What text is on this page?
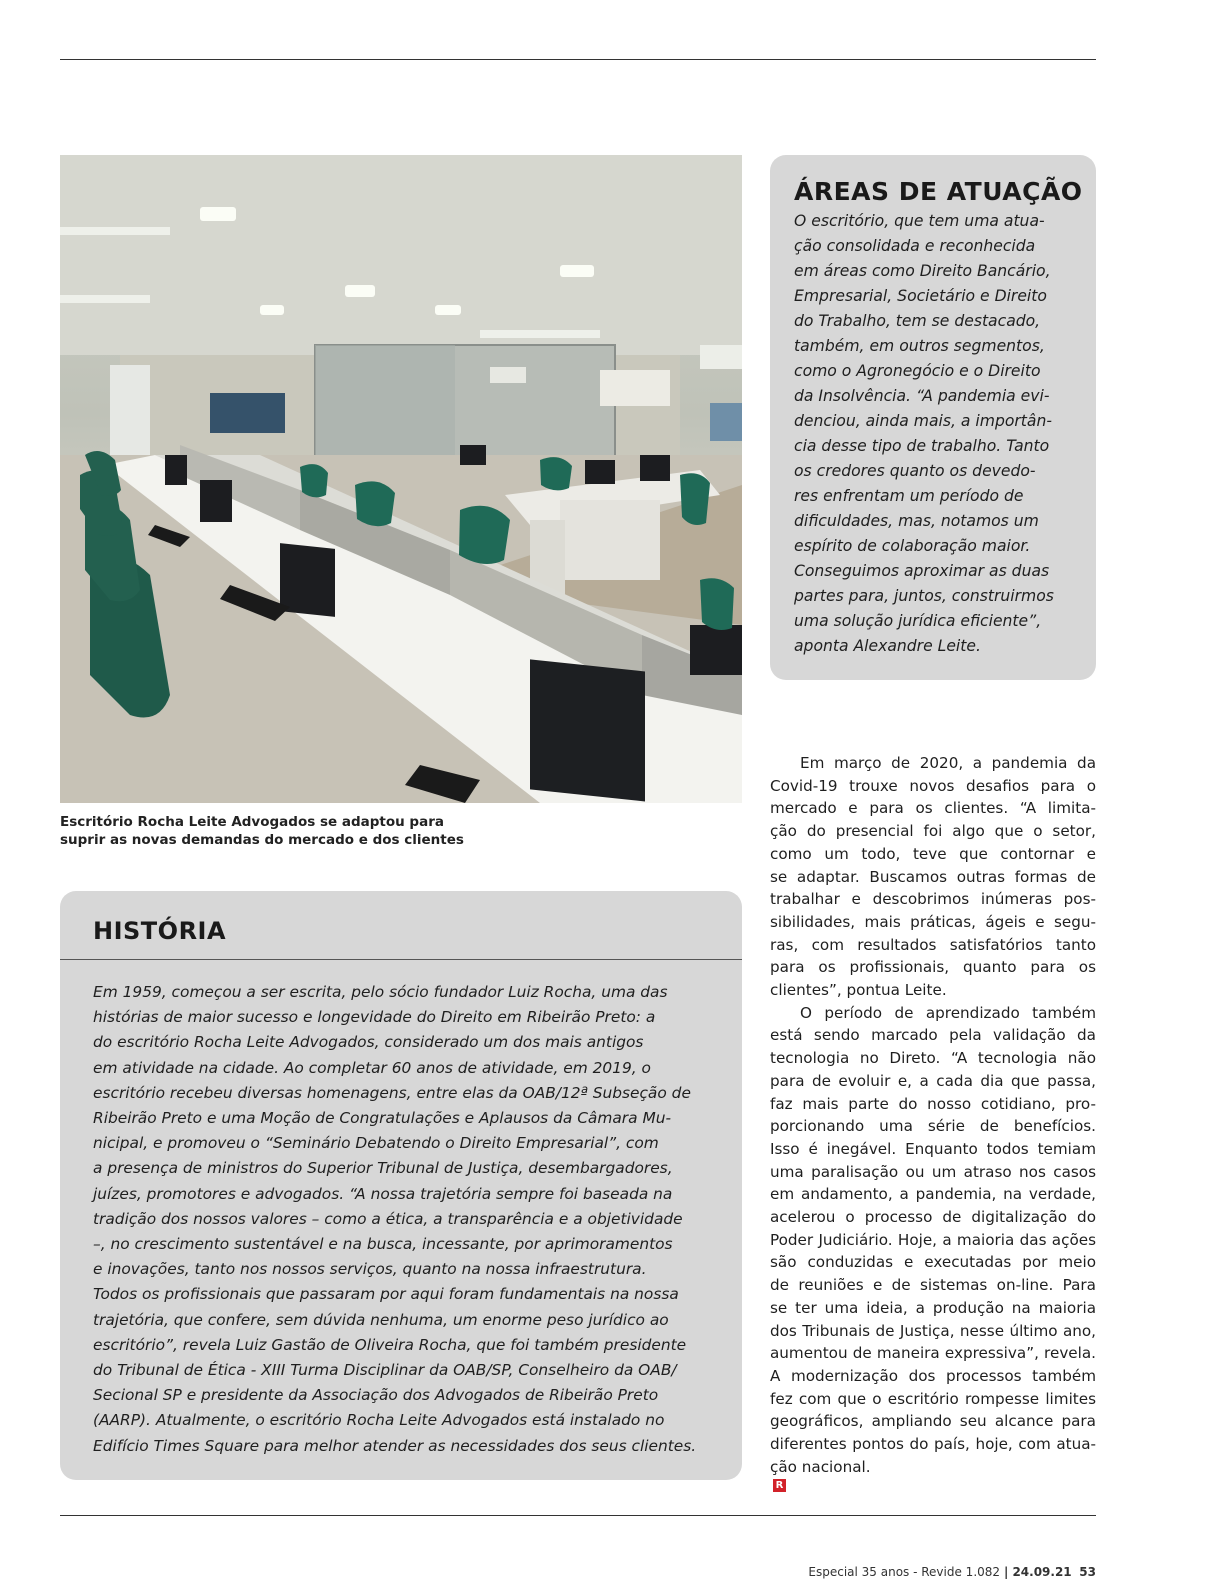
Escritório Rocha Leite Advogados se adaptou para
suprir as novas demandas do mercado e dos clientes
ÁREAS DE ATUAÇÃO
O escritório, que tem uma atua-
ção consolidada e reconhecida
em áreas como Direito Bancário,
Empresarial, Societário e Direito
do Trabalho, tem se destacado,
também, em outros segmentos,
como o Agronegócio e o Direito
da Insolvência. “A pandemia evi-
denciou, ainda mais, a importân-
cia desse tipo de trabalho. Tanto
os credores quanto os devedo-
res enfrentam um período de
dificuldades, mas, notamos um
espírito de colaboração maior.
Conseguimos aproximar as duas
partes para, juntos, construirmos
uma solução jurídica eficiente”,
aponta Alexandre Leite.
Em março de 2020, a pandemia da
Covid-19 trouxe novos desafios para o
mercado e para os clientes. “A limita-
ção do presencial foi algo que o setor,
como um todo, teve que contornar e
se adaptar. Buscamos outras formas de
trabalhar e descobrimos inúmeras pos-
sibilidades, mais práticas, ágeis e segu-
ras, com resultados satisfatórios tanto
para os profissionais, quanto para os
clientes”, pontua Leite.
O período de aprendizado também
está sendo marcado pela validação da
tecnologia no Direto. “A tecnologia não
para de evoluir e, a cada dia que passa,
faz mais parte do nosso cotidiano, pro-
porcionando uma série de benefícios.
Isso é inegável. Enquanto todos temiam
uma paralisação ou um atraso nos casos
em andamento, a pandemia, na verdade,
acelerou o processo de digitalização do
Poder Judiciário. Hoje, a maioria das ações
são conduzidas e executadas por meio
de reuniões e de sistemas on-line. Para
se ter uma ideia, a produção na maioria
dos Tribunais de Justiça, nesse último ano,
aumentou de maneira expressiva”, revela.
A modernização dos processos também
fez com que o escritório rompesse limites
geográficos, ampliando seu alcance para
diferentes pontos do país, hoje, com atua-
ção nacional.
R
HISTÓRIA
Em 1959, começou a ser escrita, pelo sócio fundador Luiz Rocha, uma das
histórias de maior sucesso e longevidade do Direito em Ribeirão Preto: a
do escritório Rocha Leite Advogados, considerado um dos mais antigos
em atividade na cidade. Ao completar 60 anos de atividade, em 2019, o
escritório recebeu diversas homenagens, entre elas da OAB/12ª Subseção de
Ribeirão Preto e uma Moção de Congratulações e Aplausos da Câmara Mu-
nicipal, e promoveu o “Seminário Debatendo o Direito Empresarial”, com
a presença de ministros do Superior Tribunal de Justiça, desembargadores,
juízes, promotores e advogados. “A nossa trajetória sempre foi baseada na
tradição dos nossos valores – como a ética, a transparência e a objetividade
–, no crescimento sustentável e na busca, incessante, por aprimoramentos
e inovações, tanto nos nossos serviços, quanto na nossa infraestrutura.
Todos os profissionais que passaram por aqui foram fundamentais na nossa
trajetória, que confere, sem dúvida nenhuma, um enorme peso jurídico ao
escritório”, revela Luiz Gastão de Oliveira Rocha, que foi também presidente
do Tribunal de Ética - XIII Turma Disciplinar da OAB/SP, Conselheiro da OAB/
Secional SP e presidente da Associação dos Advogados de Ribeirão Preto
(AARP). Atualmente, o escritório Rocha Leite Advogados está instalado no
Edifício Times Square para melhor atender as necessidades dos seus clientes.
Especial 35 anos - Revide 1.082 | 24.09.21 53
